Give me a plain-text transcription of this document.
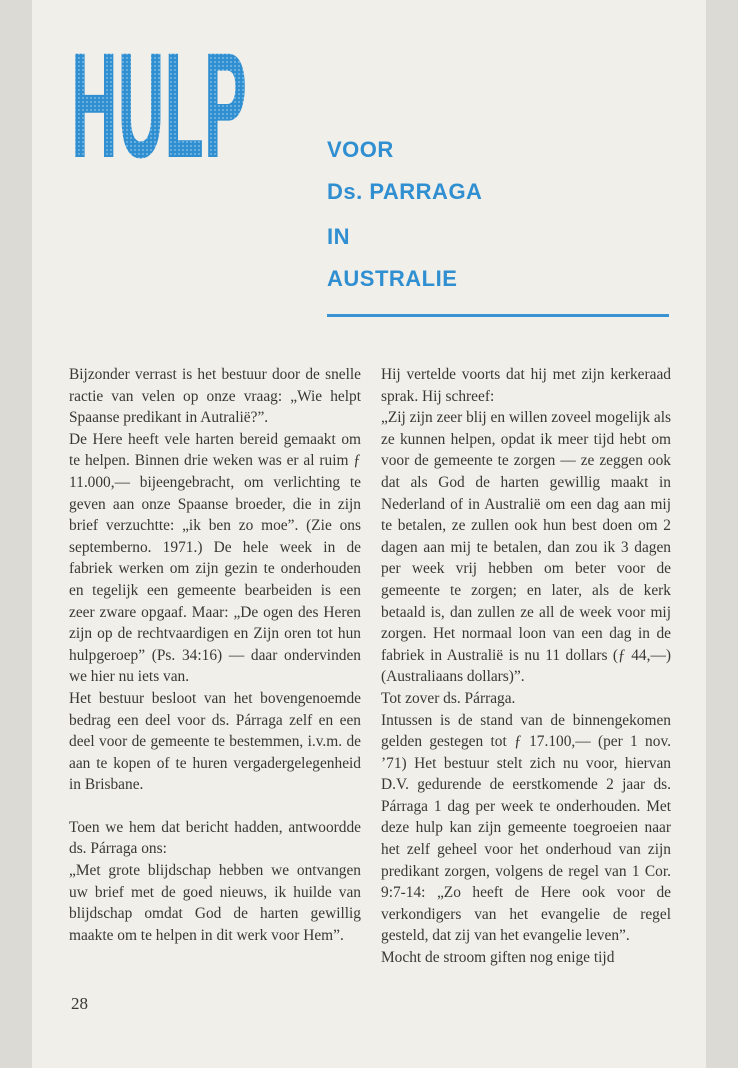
HULP	VOOR
Ds. PARRAGA
IN
AUSTRALIE

Bijzonder verrast is het bestuur door de snelle ractie van velen op onze vraag: „Wie helpt Spaanse predikant in Autralië?”.

De Here heeft vele harten bereid gemaakt om te helpen. Binnen drie weken was er al ruim ƒ 11.000,— bijeengebracht, om verlichting te geven aan onze Spaanse broeder, die in zijn brief verzuchtte: „ik ben zo moe”. (Zie ons septemberno. 1971.) De hele week in de fabriek werken om zijn gezin te onderhouden en tegelijk een gemeente bearbeiden is een zeer zware opgaaf. Maar: „De ogen des Heren zijn op de rechtvaardigen en Zijn oren tot hun hulpgeroep” (Ps. 34:16) — daar ondervinden we hier nu iets van.

Het bestuur besloot van het bovengenoemde bedrag een deel voor ds. Párraga zelf en een deel voor de gemeente te bestemmen, i.v.m. de aan te kopen of te huren vergadergelegenheid in Brisbane.

Toen we hem dat bericht hadden, antwoordde ds. Párraga ons:

„Met grote blijdschap hebben we ontvangen uw brief met de goed nieuws, ik huilde van blijdschap omdat God de harten gewillig maakte om te helpen in dit werk voor Hem”.

Hij vertelde voorts dat hij met zijn kerkeraad sprak. Hij schreef:

„Zij zijn zeer blij en willen zoveel mogelijk als ze kunnen helpen, opdat ik meer tijd hebt om voor de gemeente te zorgen — ze zeggen ook dat als God de harten gewillig maakt in Nederland of in Australië om een dag aan mij te betalen, ze zullen ook hun best doen om 2 dagen aan mij te betalen, dan zou ik 3 dagen per week vrij hebben om beter voor de gemeente te zorgen; en later, als de kerk betaald is, dan zullen ze all de week voor mij zorgen. Het normaal loon van een dag in de fabriek in Australië is nu 11 dollars (ƒ 44,—) (Australiaans dollars)”.

Tot zover ds. Párraga.

Intussen is de stand van de binnengekomen gelden gestegen tot ƒ 17.100,— (per 1 nov. ’71) Het bestuur stelt zich nu voor, hiervan D.V. gedurende de eerstkomende 2 jaar ds. Párraga 1 dag per week te onderhouden. Met deze hulp kan zijn gemeente toegroeien naar het zelf geheel voor het onderhoud van zijn predikant zorgen, volgens de regel van 1 Cor. 9:7-14: „Zo heeft de Here ook voor de verkondigers van het evangelie de regel gesteld, dat zij van het evangelie leven”.

Mocht de stroom giften nog enige tijd

28
